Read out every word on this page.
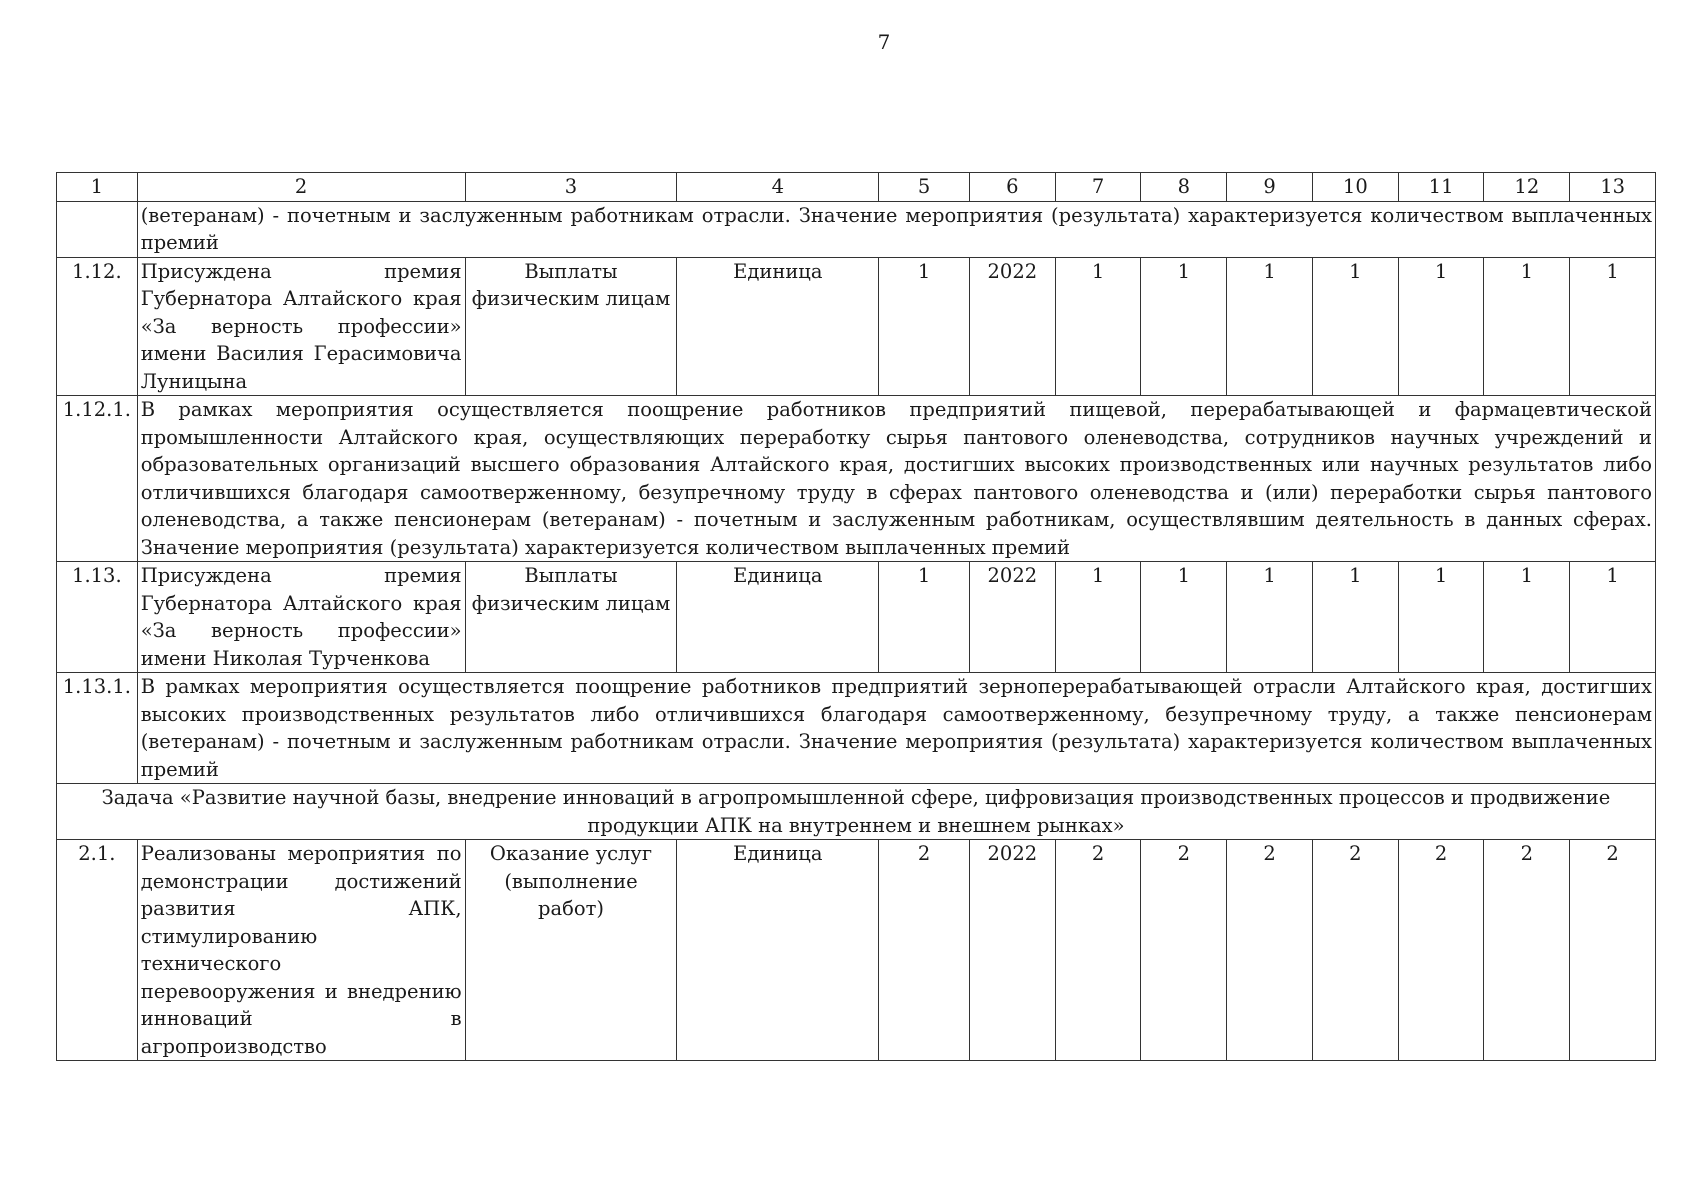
7
1	2	3	4	5	6	7	8	9	10	11	12	13
	(ветеранам) - почетным и заслуженным работникам отрасли. Значение мероприятия (результата) характеризуется количеством выплаченных премий											
1.12.	Присуждена премия Губернатора Алтайского края «За верность профессии» имени Василия Герасимовича Луницына	Выплаты физическим лицам	Единица	1	2022	1	1	1	1	1	1	1
1.12.1.	В рамках мероприятия осуществляется поощрение работников предприятий пищевой, перерабатывающей и фармацевтической промышленности Алтайского края, осуществляющих переработку сырья пантового оленеводства, сотрудников научных учреждений и образовательных организаций высшего образования Алтайского края, достигших высоких производственных или научных результатов либо отличившихся благодаря самоотверженному, безупречному труду в сферах пантового оленеводства и (или) переработки сырья пантового оленеводства, а также пенсионерам (ветеранам) - почетным и заслуженным работникам, осуществлявшим деятельность в данных сферах. Значение мероприятия (результата) характеризуется количеством выплаченных премий											
1.13.	Присуждена премия Губернатора Алтайского края «За верность профессии» имени Николая Турченкова	Выплаты физическим лицам	Единица	1	2022	1	1	1	1	1	1	1
1.13.1.	В рамках мероприятия осуществляется поощрение работников предприятий зерноперерабатывающей отрасли Алтайского края, достигших высоких производственных результатов либо отличившихся благодаря самоотверженному, безупречному труду, а также пенсионерам (ветеранам) - почетным и заслуженным работникам отрасли. Значение мероприятия (результата) характеризуется количеством выплаченных премий											
Задача «Развитие научной базы, внедрение инноваций в агропромышленной сфере, цифровизация производственных процессов и продвижение продукции АПК на внутреннем и внешнем рынках»												
2.1.	Реализованы мероприятия по демонстрации достижений развития АПК, стимулированию технического перевооружения и внедрению инноваций в агропроизводство	Оказание услуг (выполнение работ)	Единица	2	2022	2	2	2	2	2	2	2
